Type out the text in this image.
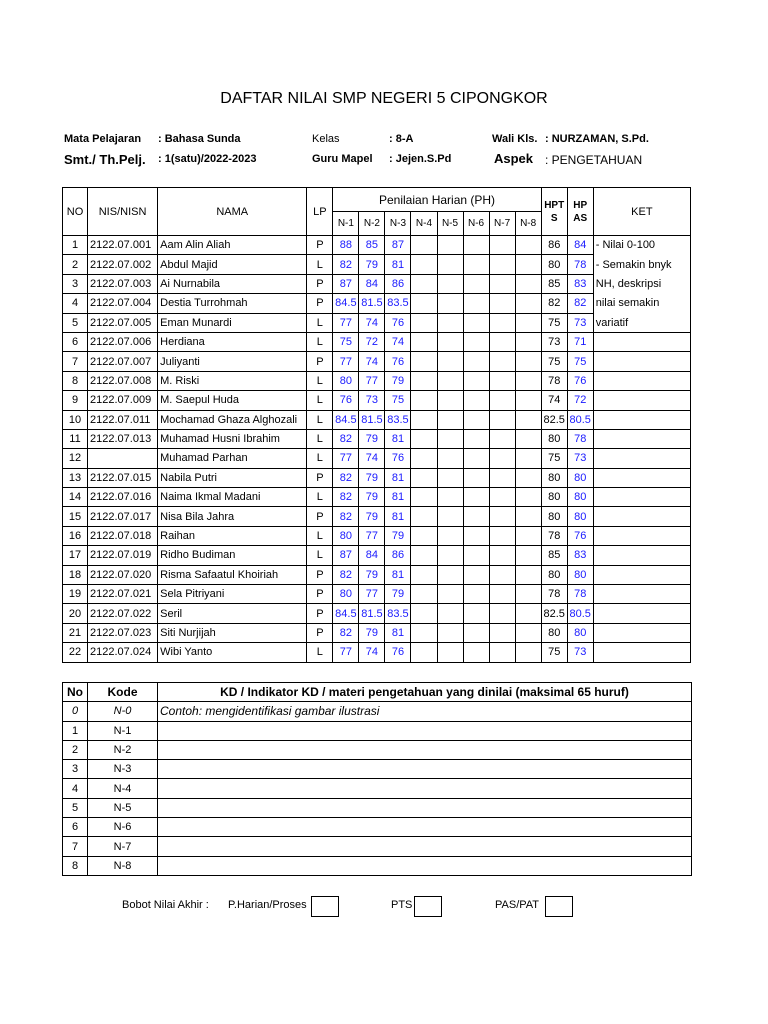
DAFTAR NILAI SMP NEGERI 5 CIPONGKOR
Mata Pelajaran : Bahasa Sunda
Smt./ Th.Pelj. : 1(satu)/2022-2023
Kelas	: 8-A
Guru Mapel : Jejen.S.Pd
Wali Kls. : NURZAMAN, S.Pd.
Aspek : PENGETAHUAN
NO	NIS/NISN	NAMA	LP	Penilaian Harian (PH)								HPT S	HP AS	KET
				N-1	N-2	N-3	N-4	N-5	N-6	N-7	N-8			
1	2122.07.001	Aam Alin Aliah	P	88	85	87						86	84	- Nilai 0-100
2	2122.07.002	Abdul Majid	L	82	79	81						80	78	- Semakin bnyk
3	2122.07.003	Ai Nurnabila	P	87	84	86						85	83	NH, deskripsi
4	2122.07.004	Destia Turrohmah	P	84.5	81.5	83.5						82	82	nilai semakin
5	2122.07.005	Eman Munardi	L	77	74	76						75	73	variatif
6	2122.07.006	Herdiana	L	75	72	74						73	71	
7	2122.07.007	Juliyanti	P	77	74	76						75	75	
8	2122.07.008	M. Riski	L	80	77	79						78	76	
9	2122.07.009	M. Saepul Huda	L	76	73	75						74	72	
10	2122.07.011	Mochamad Ghaza Alghozali	L	84.5	81.5	83.5						82.5	80.5	
11	2122.07.013	Muhamad Husni Ibrahim	L	82	79	81						80	78	
12		Muhamad Parhan	L	77	74	76						75	73	
13	2122.07.015	Nabila Putri	P	82	79	81						80	80	
14	2122.07.016	Naima Ikmal Madani	L	82	79	81						80	80	
15	2122.07.017	Nisa Bila Jahra	P	82	79	81						80	80	
16	2122.07.018	Raihan	L	80	77	79						78	76	
17	2122.07.019	Ridho Budiman	L	87	84	86						85	83	
18	2122.07.020	Risma Safaatul Khoiriah	P	82	79	81						80	80	
19	2122.07.021	Sela Pitriyani	P	80	77	79						78	78	
20	2122.07.022	Seril	P	84.5	81.5	83.5						82.5	80.5	
21	2122.07.023	Siti Nurjijah	P	82	79	81						80	80	
22	2122.07.024	Wibi Yanto	L	77	74	76						75	73	
No	Kode	KD / Indikator KD / materi pengetahuan yang dinilai (maksimal 65 huruf)
0	N-0	Contoh: mengidentifikasi gambar ilustrasi
1	N-1	
2	N-2	
3	N-3	
4	N-4	
5	N-5	
6	N-6	
7	N-7	
8	N-8	
Bobot Nilai Akhir : P.Harian/Proses	PTS	PAS/PAT
